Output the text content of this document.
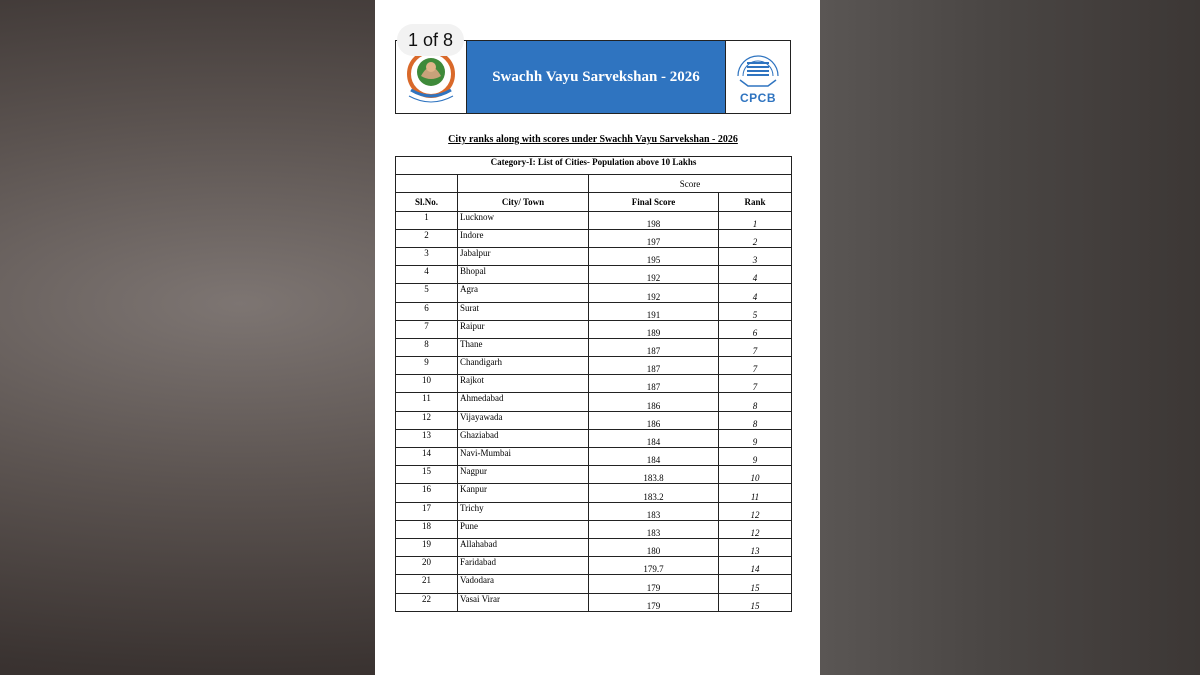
1 of 8
Swachh Vayu Sarvekshan - 2026
CPCB
City ranks along with scores under Swachh Vayu Sarvekshan - 2026
Category-I: List of Cities- Population above 10 Lakhs			
		Score	
Sl.No.	City/ Town	Final Score	Rank
1	Lucknow	198	1
2	Indore	197	2
3	Jabalpur	195	3
4	Bhopal	192	4
5	Agra	192	4
6	Surat	191	5
7	Raipur	189	6
8	Thane	187	7
9	Chandigarh	187	7
10	Rajkot	187	7
11	Ahmedabad	186	8
12	Vijayawada	186	8
13	Ghaziabad	184	9
14	Navi-Mumbai	184	9
15	Nagpur	183.8	10
16	Kanpur	183.2	11
17	Trichy	183	12
18	Pune	183	12
19	Allahabad	180	13
20	Faridabad	179.7	14
21	Vadodara	179	15
22	Vasai Virar	179	15
